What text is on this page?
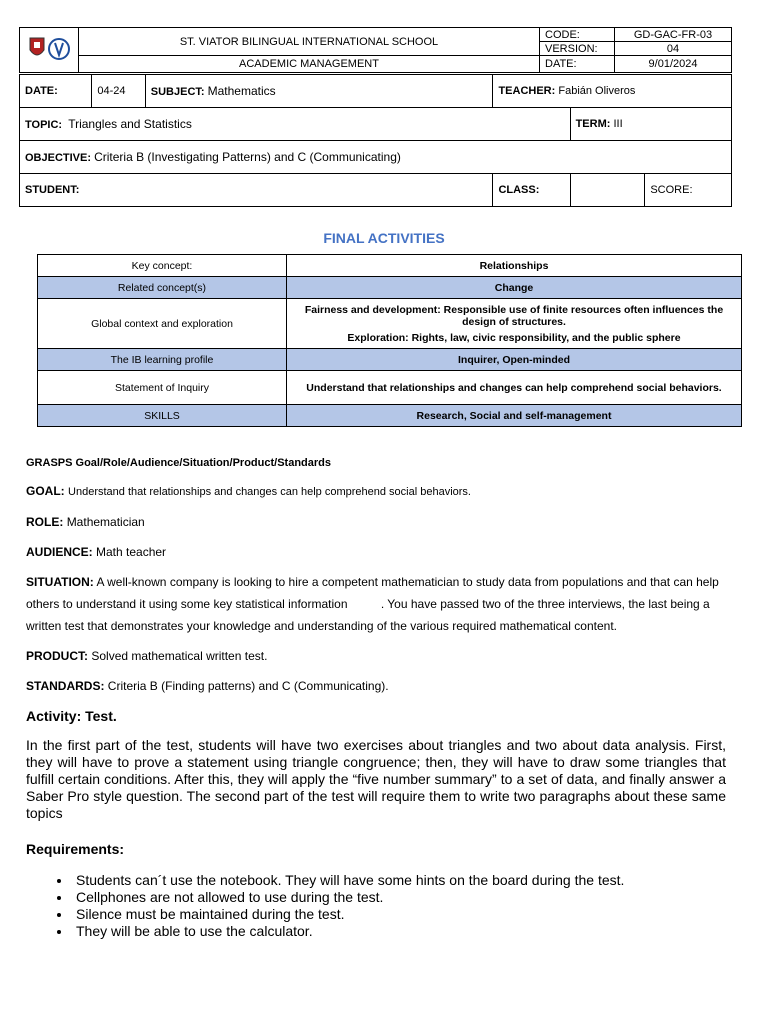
	ST. VIATOR BILINGUAL INTERNATIONAL SCHOOL	CODE:	GD-GAC-FR-03
		VERSION:	04
	ACADEMIC MANAGEMENT	DATE:	9/01/2024
DATE:	04-24	SUBJECT: Mathematics	TEACHER: Fabián Oliveros		
TOPIC: Triangles and Statistics				TERM: III	
OBJECTIVE: Criteria B (Investigating Patterns) and C (Communicating)					
STUDENT:			CLASS:		SCORE:
FINAL ACTIVITIES
Key concept:	Relationships
Related concept(s)	Change
Global context and exploration	Fairness and development: Responsible use of finite resources often influences the design of structures.
Exploration: Rights, law, civic responsibility, and the public sphere

The IB learning profile	Inquirer, Open-minded
Statement of Inquiry	Understand that relationships and changes can help comprehend social behaviors.
SKILLS	Research, Social and self-management

GRASPS Goal/Role/Audience/Situation/Product/Standards

GOAL: Understand that relationships and changes can help comprehend social behaviors.

ROLE: Mathematician

AUDIENCE: Math teacher

SITUATION: A well-known company is looking to hire a competent mathematician to study data from populations and that can help others to understand it using some key statistical information          . You have passed two of the three interviews, the last being a written test that demonstrates your knowledge and understanding of the various required mathematical content.

PRODUCT: Solved mathematical written test.

STANDARDS: Criteria B (Finding patterns) and C (Communicating).

Activity: Test.

In the first part of the test, students will have two exercises about triangles and two about data analysis. First, they will have to prove a statement using triangle congruence; then, they will have to draw some triangles that fulfill certain conditions. After this, they will apply the “five number summary” to a set of data, and finally answer a Saber Pro style question. The second part of the test will require them to write two paragraphs about these same topics

Requirements:

• Students can´t use the notebook. They will have some hints on the board during the test.
• Cellphones are not allowed to use during the test.
• Silence must be maintained during the test.
• They will be able to use the calculator.
